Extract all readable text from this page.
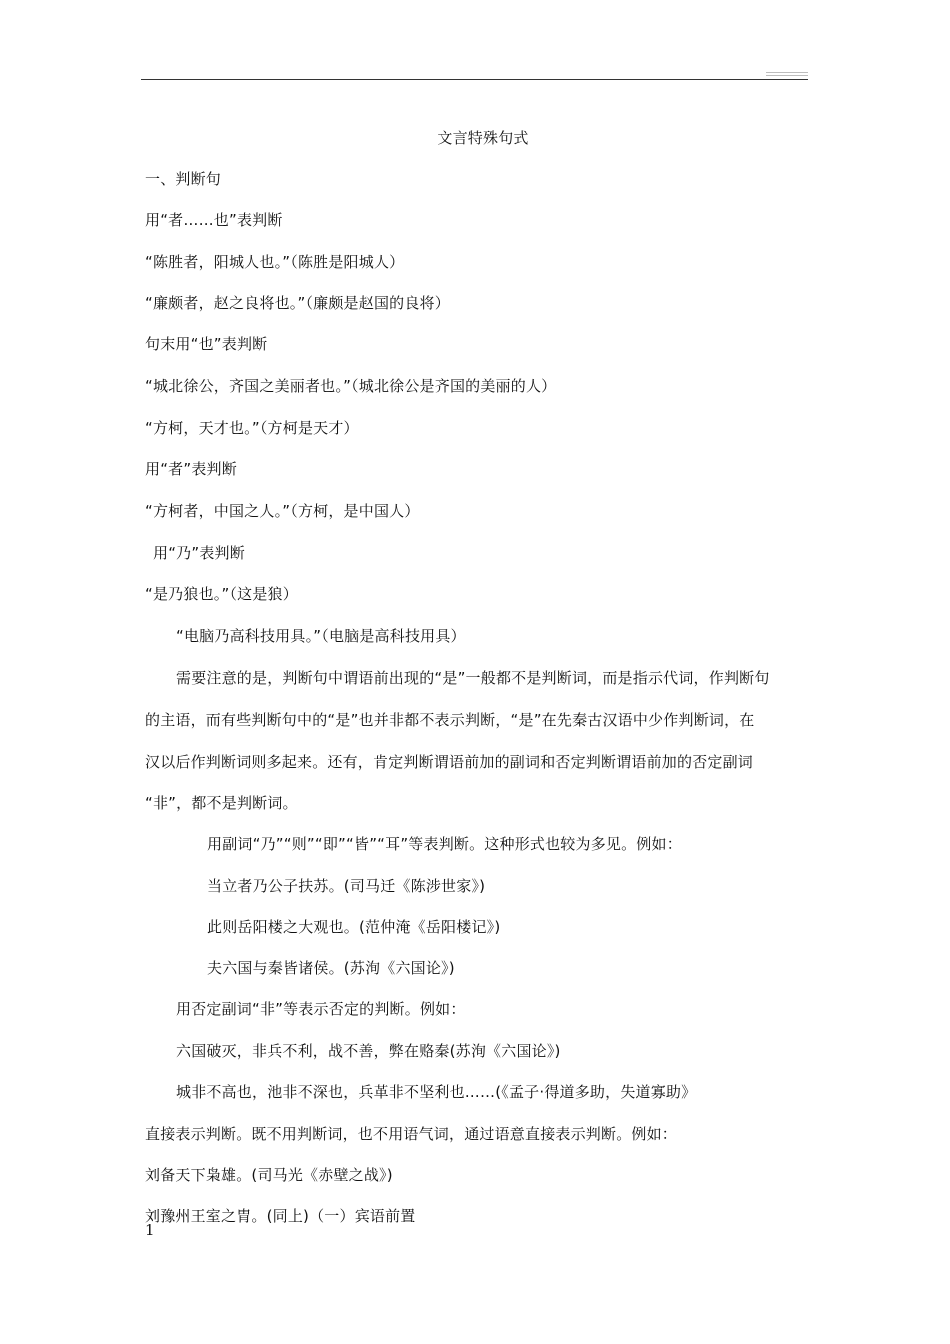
文言特殊句式
一、判断句
用“者……也”表判断
“陈胜者，阳城人也。”（陈胜是阳城人）
“廉颇者，赵之良将也。”（廉颇是赵国的良将）
句末用“也”表判断
“城北徐公，齐国之美丽者也。”（城北徐公是齐国的美丽的人）
“方柯，天才也。”（方柯是天才）
用“者”表判断
“方柯者，中国之人。”（方柯，是中国人）
用“乃”表判断
“是乃狼也。”（这是狼）
“电脑乃高科技用具。”（电脑是高科技用具）
需要注意的是，判断句中谓语前出现的“是”一般都不是判断词，而是指示代词，作判断句
的主语，而有些判断句中的“是”也并非都不表示判断，“是”在先秦古汉语中少作判断词，在
汉以后作判断词则多起来。还有，肯定判断谓语前加的副词和否定判断谓语前加的否定副词
“非”，都不是判断词。
用副词“乃”“则”“即”“皆”“耳”等表判断。这种形式也较为多见。例如：
当立者乃公子扶苏。(司马迁《陈涉世家》)
此则岳阳楼之大观也。(范仲淹《岳阳楼记》)
夫六国与秦皆诸侯。(苏洵《六国论》)
用否定副词“非”等表示否定的判断。例如：
六国破灭，非兵不利，战不善，弊在赂秦(苏洵《六国论》)
城非不高也，池非不深也，兵革非不坚利也……(《孟子·得道多助，失道寡助》
直接表示判断。既不用判断词，也不用语气词，通过语意直接表示判断。例如：
刘备天下枭雄。(司马光《赤壁之战》)
刘豫州王室之胄。(同上)（一）宾语前置
1
